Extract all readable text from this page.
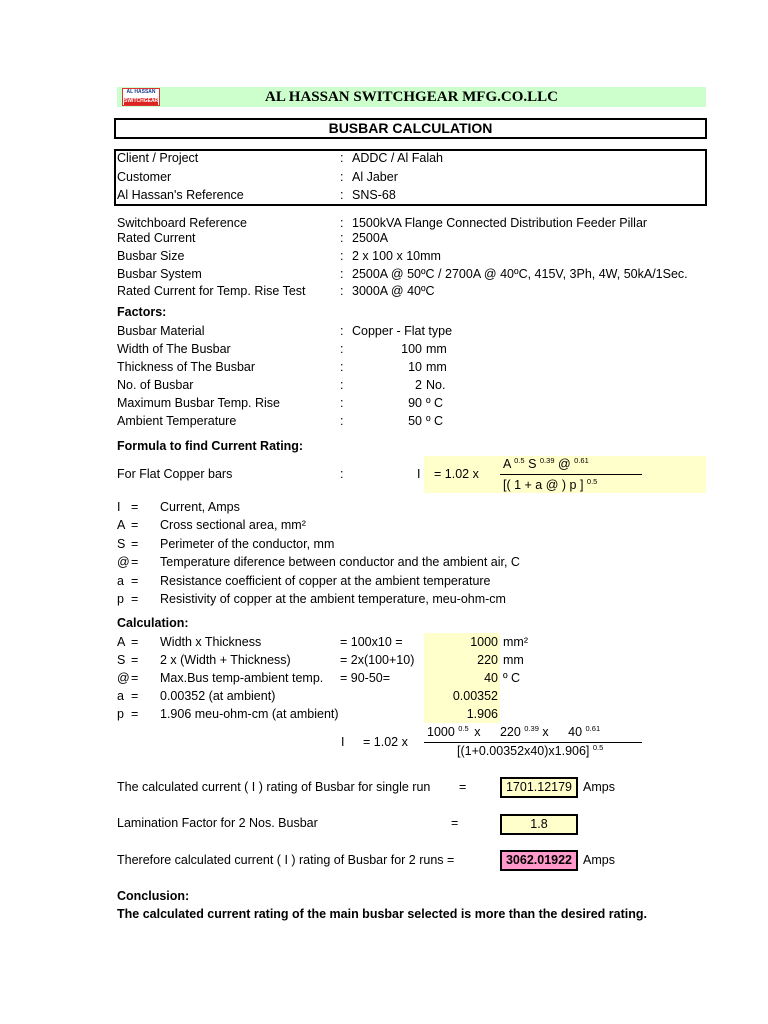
AL HASSAN
SWITCHGEAR	AL HASSAN SWITCHGEAR MFG.CO.LLC
BUSBAR CALCULATION
Client / Project	: ADDC / Al Falah
Customer	: Al Jaber
Al Hassan's Reference	: SNS-68
Switchboard Reference	: 1500kVA Flange Connected Distribution Feeder Pillar
Rated Current	: 2500A
Busbar Size	: 2 x 100 x 10mm
Busbar System	: 2500A @ 50ºC / 2700A @ 40ºC, 415V, 3Ph, 4W, 50kA/1Sec.
Rated Current for Temp. Rise Test	: 3000A @ 40ºC
Factors:
Busbar Material	: Copper - Flat type
Width of The Busbar	:	100 mm
Thickness of The Busbar	:	10 mm
No. of Busbar	:	2 No.
Maximum Busbar Temp. Rise	:	90 º C
Ambient Temperature	:	50 º C
Formula to find Current Rating:
For Flat Copper bars	:	I = 1.02 x
A $^{0.5}$ S $^{0.39}$ @ $^{0.61}$
[( 1 + a @ ) p ] $^{0.5}$
I = Current, Amps
A = Cross sectional area, mm²
S = Perimeter of the conductor, mm
@ = Temperature diference between conductor and the ambient air, C
a = Resistance coefficient of copper at the ambient temperature
p = Resistivity of copper at the ambient temperature, meu-ohm-cm
Calculation:
A = Width x Thickness	= 100x10 =	1000 mm²
S = 2 x (Width + Thickness)	= 2x(100+10)	220 mm
@ = Max.Bus temp-ambient temp. = 90-50=	40 º C
a = 0.00352 (at ambient)	0.00352
p = 1.906 meu-ohm-cm (at ambient)	1.906
I = 1.02 x
1000 $^{0.5}$ x 220 $^{0.39}$ x 40 $^{0.61}$
[(1+0.00352x40)x1.906] $^{0.5}$
The calculated current ( I ) rating of Busbar for single run =	1701.12179 Amps
Lamination Factor for 2 Nos. Busbar	=	1.8
Therefore calculated current ( I ) rating of Busbar for 2 runs =	3062.01922 Amps
Conclusion:
The calculated current rating of the main busbar selected is more than the desired rating.
